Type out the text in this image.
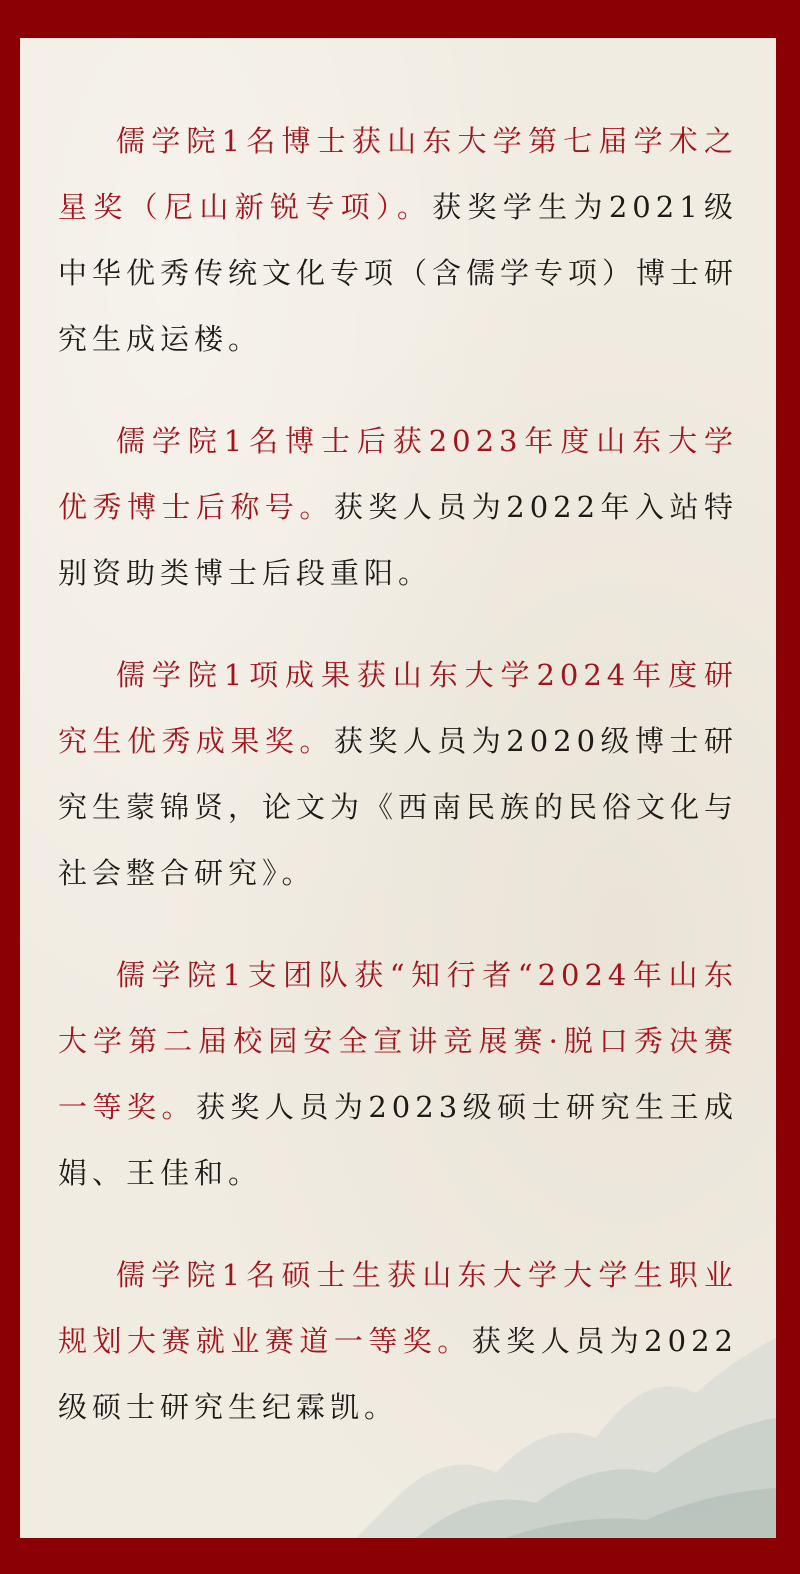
儒学院1名博士获山东大学第七届学术之星奖（尼山新锐专项）。获奖学生为2021级中华优秀传统文化专项（含儒学专项）博士研究生成运楼。

儒学院1名博士后获2023年度山东大学优秀博士后称号。获奖人员为2022年入站特别资助类博士后段重阳。

儒学院1项成果获山东大学2024年度研究生优秀成果奖。获奖人员为2020级博士研究生蒙锦贤，论文为《西南民族的民俗文化与社会整合研究》。

儒学院1支团队获“知行者“2024年山东大学第二届校园安全宣讲竞展赛·脱口秀决赛一等奖。获奖人员为2023级硕士研究生王成娟、王佳和。

儒学院1名硕士生获山东大学大学生职业规划大赛就业赛道一等奖。获奖人员为2022级硕士研究生纪霖凯。
